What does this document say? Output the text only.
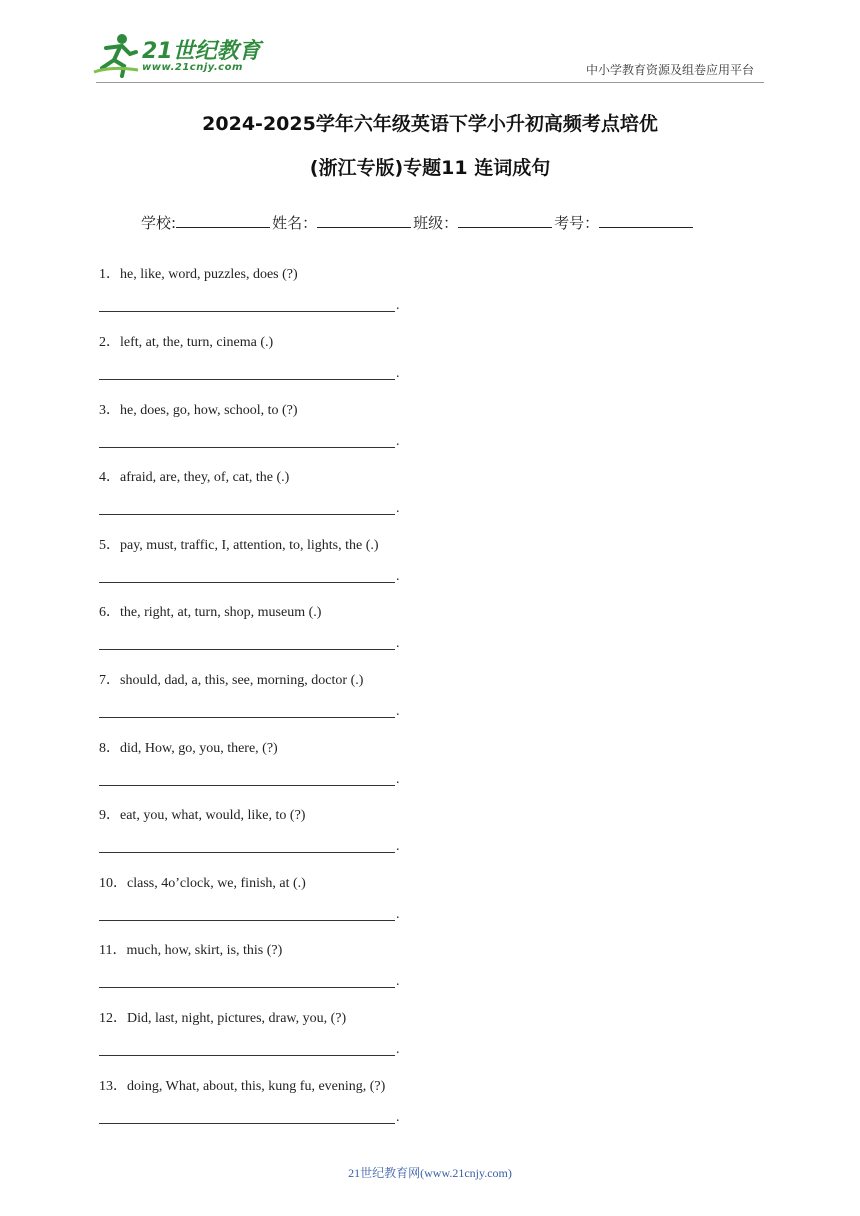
21世纪教育
www.21cnjy.com	中小学教育资源及组卷应用平台
2024-2025学年六年级英语下学小升初高频考点培优
(浙江专版)专题11 连词成句
学校:	姓名：	班级：	考号：
1．he, like, word, puzzles, does (?)
.
2．left, at, the, turn, cinema (.)
.
3．he, does, go, how, school, to (?)
.
4．afraid, are, they, of, cat, the (.)
.
5．pay, must, traffic, I, attention, to, lights, the (.)
.
6．the, right, at, turn, shop, museum (.)
.
7．should, dad, a, this, see, morning, doctor (.)
.
8．did, How, go, you, there, (?)
.
9．eat, you, what, would, like, to (?)
.
10．class, 4o’clock, we, finish, at (.)
.
11．much, how, skirt, is, this (?)
.
12．Did, last, night, pictures, draw, you, (?)
.
13．doing, What, about, this, kung fu, evening, (?)
.
21世纪教育网(www.21cnjy.com)
